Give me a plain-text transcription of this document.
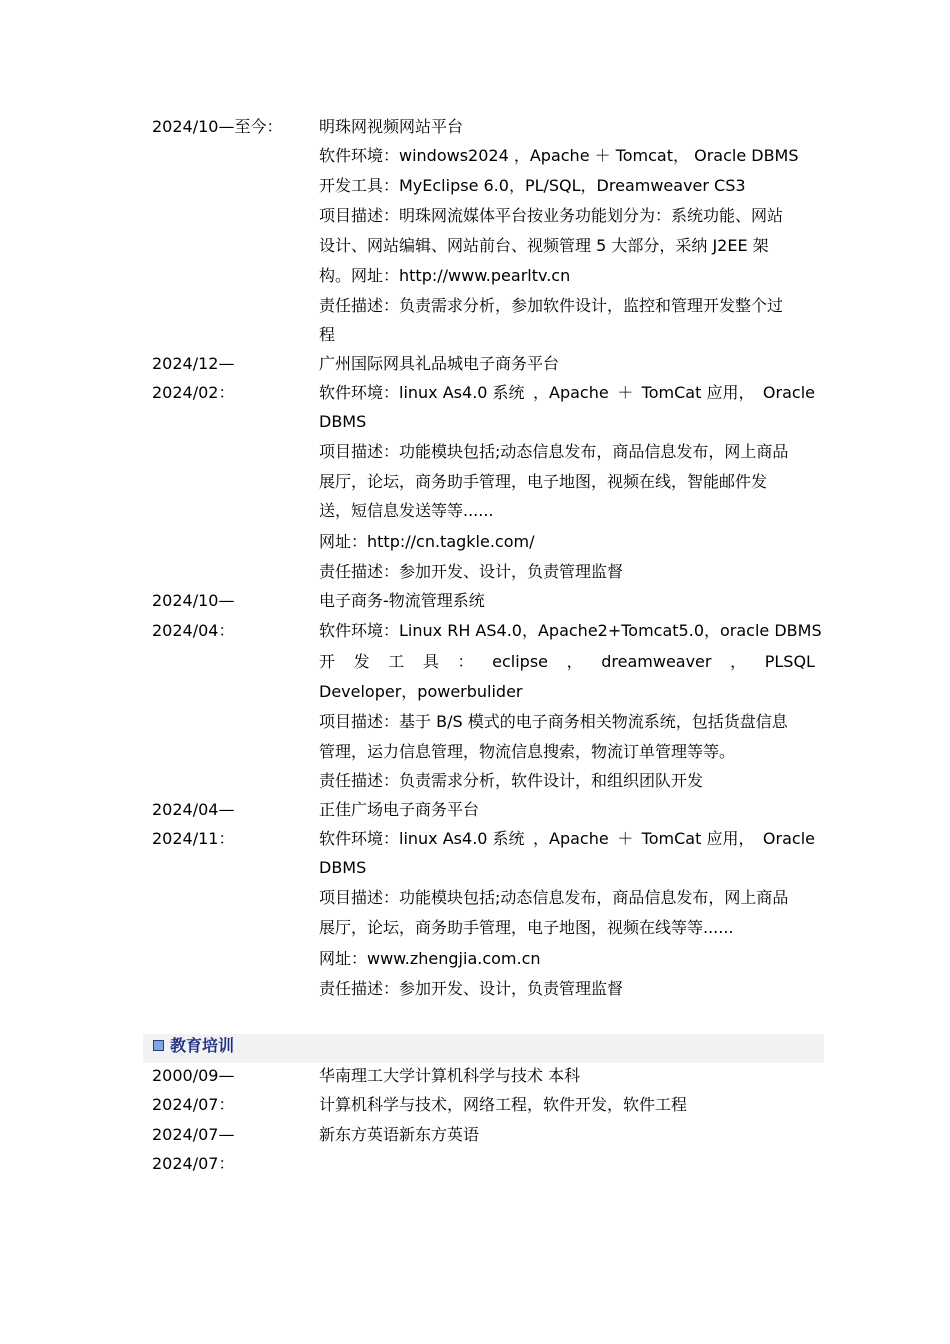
2024/10—至今： 明珠网视频网站平台
软件环境：windows2024 ，Apache ＋ Tomcat， Oracle DBMS
开发工具：MyEclipse 6.0，PL/SQL，Dreamweaver CS3
项目描述：明珠网流媒体平台按业务功能划分为：系统功能、网站
设计、网站编辑、网站前台、视频管理 5 大部分，采纳 J2EE 架
构。网址：http://www.pearltv.cn
责任描述：负责需求分析，参加软件设计，监控和管理开发整个过
程
2024/12—
2024/02：
广州国际网具礼品城电子商务平台
软件环境：linux As4.0 系统 ，Apache ＋ TomCat 应用， Oracle
DBMS
项目描述：功能模块包括;动态信息发布，商品信息发布，网上商品
展厅，论坛，商务助手管理，电子地图，视频在线，智能邮件发
送，短信息发送等等......
网址：http://cn.tagkle.com/
责任描述：参加开发、设计，负责管理监督
2024/10—
2024/04：
电子商务-物流管理系统
软件环境：Linux RH AS4.0，Apache2+Tomcat5.0，oracle DBMS
开 发 工 具 ： eclipse ， dreamweaver ， PLSQL
Developer，powerbulider
项目描述：基于 B/S 模式的电子商务相关物流系统，包括货盘信息
管理，运力信息管理，物流信息搜索，物流订单管理等等。
责任描述：负责需求分析，软件设计，和组织团队开发
2024/04—
2024/11：
正佳广场电子商务平台
软件环境：linux As4.0 系统 ，Apache ＋ TomCat 应用， Oracle
DBMS
项目描述：功能模块包括;动态信息发布，商品信息发布，网上商品
展厅，论坛，商务助手管理，电子地图，视频在线等等......
网址：www.zhengjia.com.cn
责任描述：参加开发、设计，负责管理监督
教育培训
2000/09—
2024/07：
华南理工大学计算机科学与技术 本科
计算机科学与技术，网络工程，软件开发，软件工程
2024/07—
2024/07：
新东方英语新东方英语
